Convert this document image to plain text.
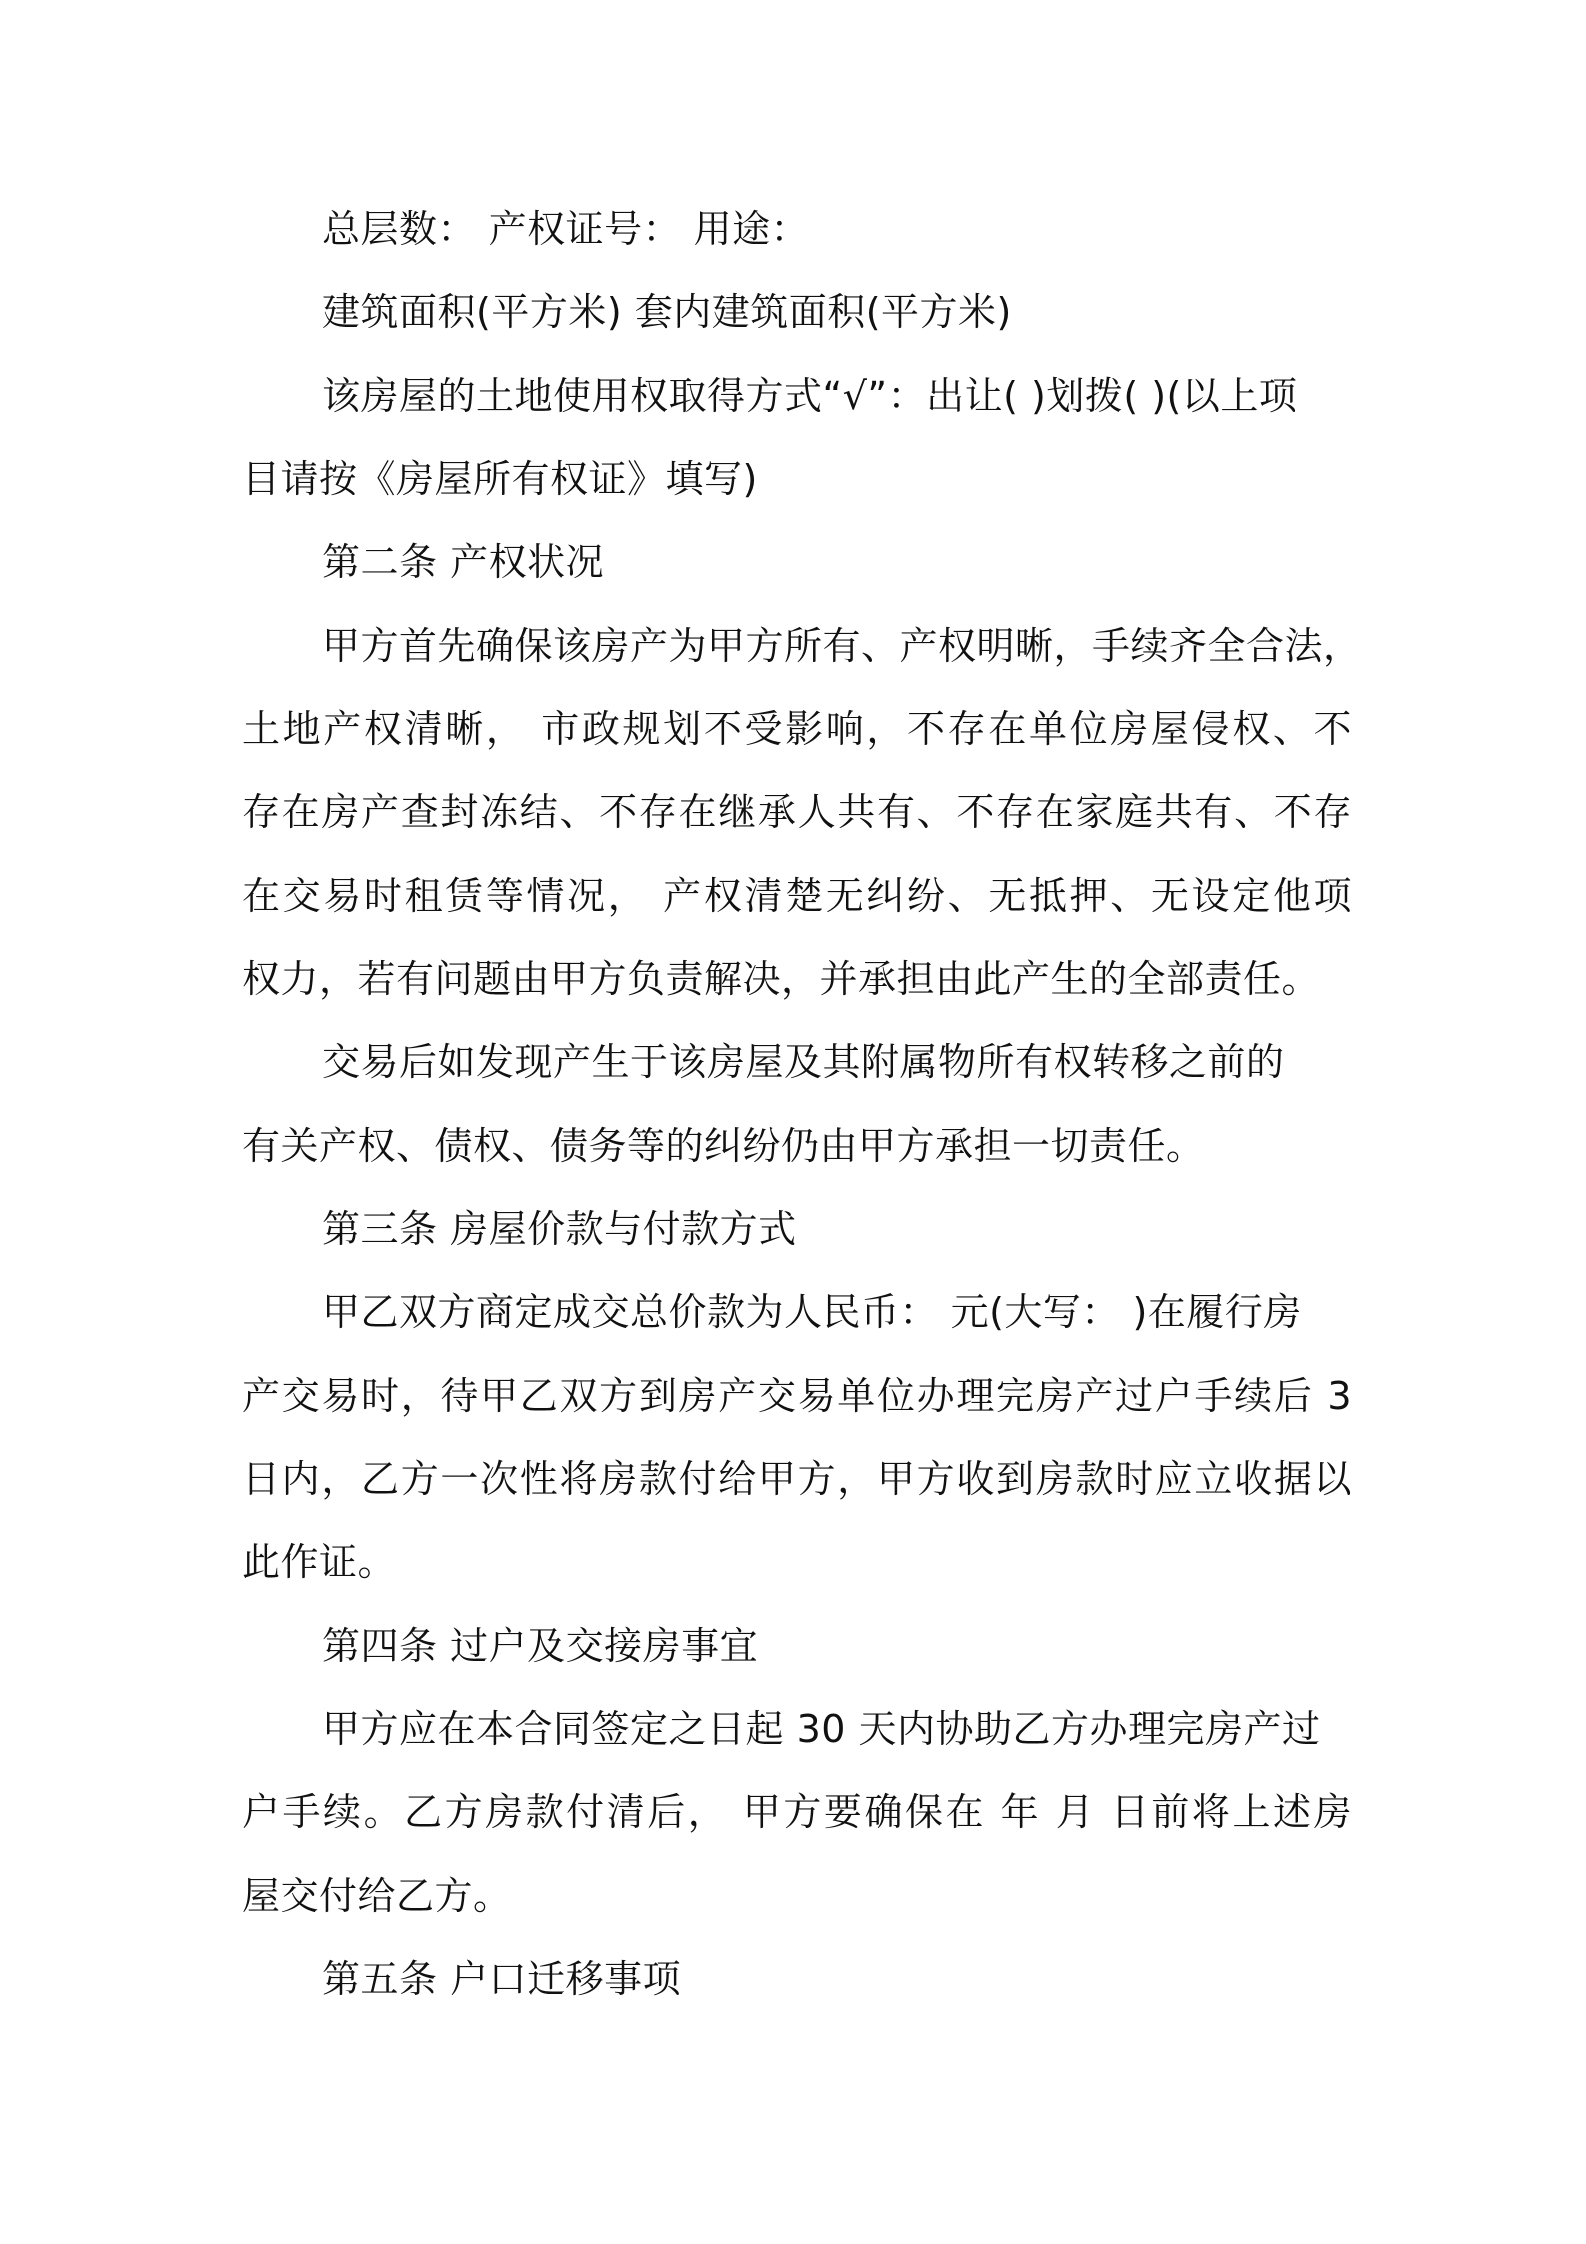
总层数： 产权证号： 用途：
建筑面积(平方米) 套内建筑面积(平方米)
该房屋的土地使用权取得方式“√”：出让( )划拨( )(以上项
目请按《房屋所有权证》填写)
第二条 产权状况
甲方首先确保该房产为甲方所有、产权明晰，手续齐全合法，
土地产权清晰， 市政规划不受影响，不存在单位房屋侵权、不
存在房产查封冻结、不存在继承人共有、不存在家庭共有、不存
在交易时租赁等情况， 产权清楚无纠纷、无抵押、无设定他项
权力，若有问题由甲方负责解决，并承担由此产生的全部责任。
交易后如发现产生于该房屋及其附属物所有权转移之前的
有关产权、债权、债务等的纠纷仍由甲方承担一切责任。
第三条 房屋价款与付款方式
甲乙双方商定成交总价款为人民币： 元(大写： )在履行房
产交易时，待甲乙双方到房产交易单位办理完房产过户手续后 3
日内，乙方一次性将房款付给甲方，甲方收到房款时应立收据以
此作证。
第四条 过户及交接房事宜
甲方应在本合同签定之日起 30 天内协助乙方办理完房产过
户手续。乙方房款付清后， 甲方要确保在 年 月 日前将上述房
屋交付给乙方。
第五条 户口迁移事项
